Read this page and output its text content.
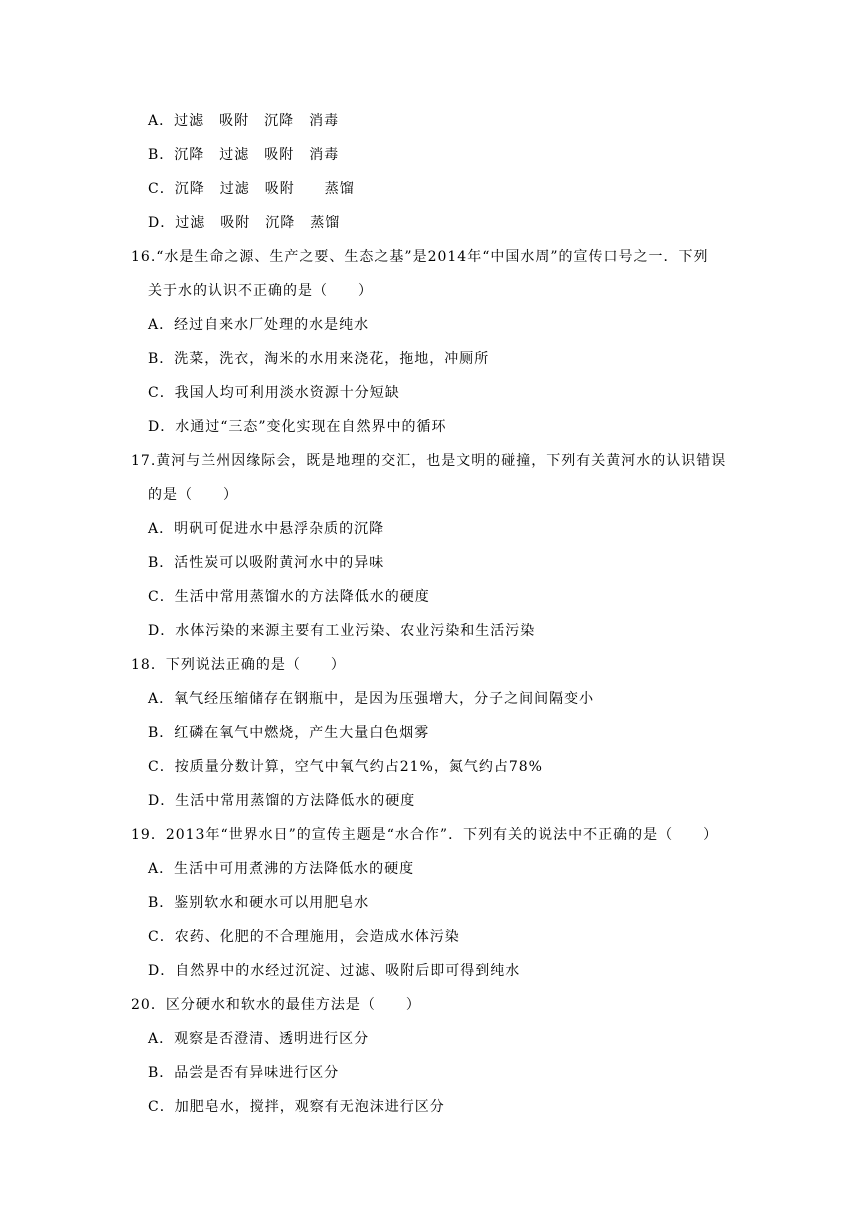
A．过滤　吸附　沉降　消毒
B．沉降　过滤　吸附　消毒
C．沉降　过滤　吸附　　蒸馏
D．过滤　吸附　沉降　蒸馏
16.“水是生命之源、生产之要、生态之基”是2014年“中国水周”的宣传口号之一．下列
关于水的认识不正确的是（　　）
A．经过自来水厂处理的水是纯水
B．洗菜，洗衣，淘米的水用来浇花，拖地，冲厕所
C．我国人均可利用淡水资源十分短缺
D．水通过“三态”变化实现在自然界中的循环
17.黄河与兰州因缘际会，既是地理的交汇，也是文明的碰撞，下列有关黄河水的认识错误
的是（　　）
A．明矾可促进水中悬浮杂质的沉降
B．活性炭可以吸附黄河水中的异味
C．生活中常用蒸馏水的方法降低水的硬度
D．水体污染的来源主要有工业污染、农业污染和生活污染
18．下列说法正确的是（　　）
A．氧气经压缩储存在钢瓶中，是因为压强增大，分子之间间隔变小
B．红磷在氧气中燃烧，产生大量白色烟雾
C．按质量分数计算，空气中氧气约占21%，氮气约占78%
D．生活中常用蒸馏的方法降低水的硬度
19．2013年“世界水日”的宣传主题是“水合作”．下列有关的说法中不正确的是（　　）
A．生活中可用煮沸的方法降低水的硬度
B．鉴别软水和硬水可以用肥皂水
C．农药、化肥的不合理施用，会造成水体污染
D．自然界中的水经过沉淀、过滤、吸附后即可得到纯水
20．区分硬水和软水的最佳方法是（　　）
A．观察是否澄清、透明进行区分
B．品尝是否有异味进行区分
C．加肥皂水，搅拌，观察有无泡沫进行区分
